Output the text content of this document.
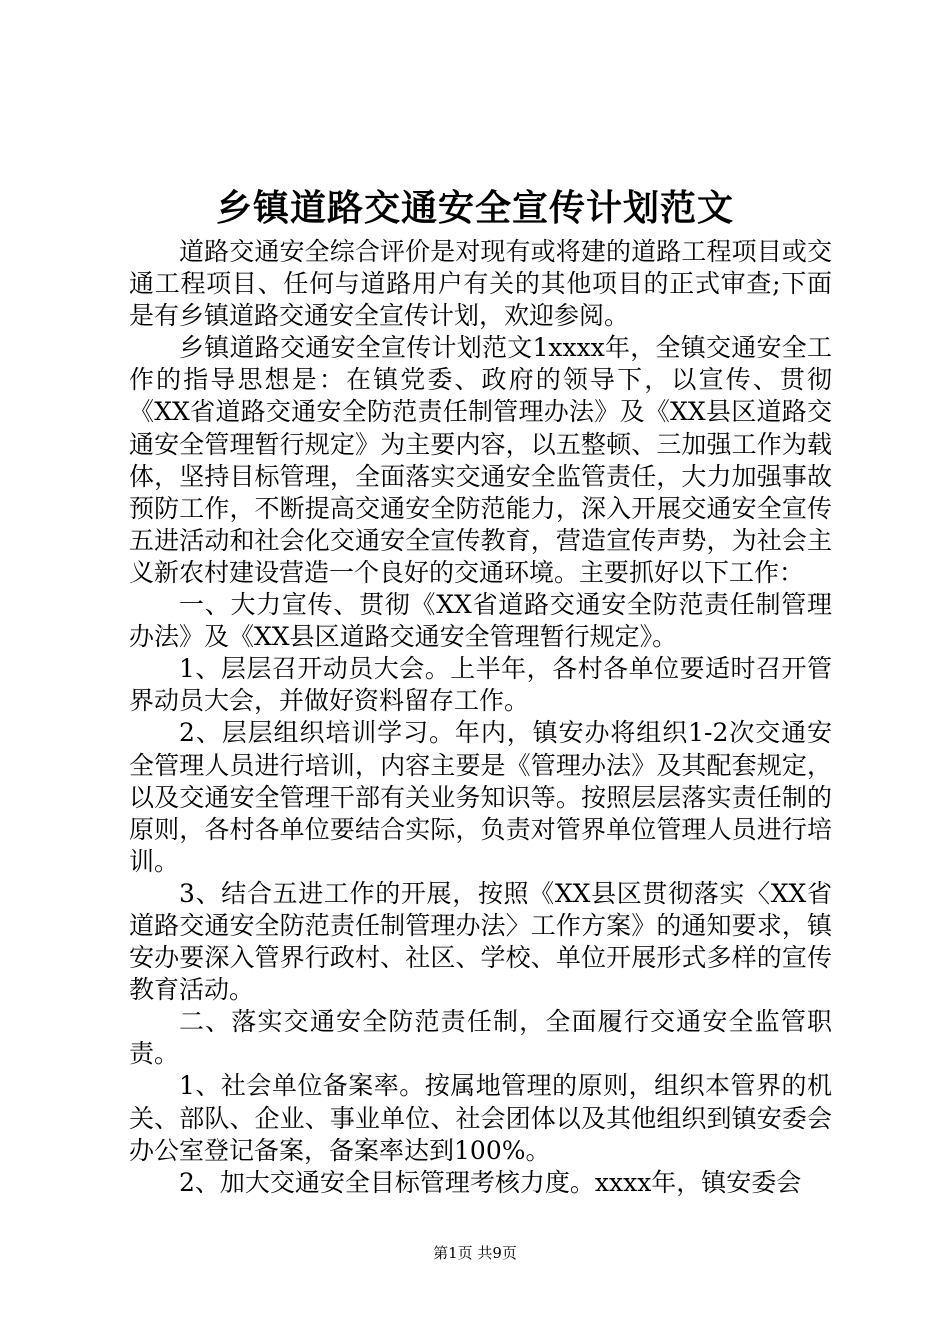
乡镇道路交通安全宣传计划范文

道路交通安全综合评价是对现有或将建的道路工程项目或交通工程项目、任何与道路用户有关的其他项目的正式审查;下面是有乡镇道路交通安全宣传计划，欢迎参阅。

乡镇道路交通安全宣传计划范文1xxxx年，全镇交通安全工作的指导思想是：在镇党委、政府的领导下，以宣传、贯彻《XX省道路交通安全防范责任制管理办法》及《XX县区道路交通安全管理暂行规定》为主要内容，以五整顿、三加强工作为载体，坚持目标管理，全面落实交通安全监管责任，大力加强事故预防工作，不断提高交通安全防范能力，深入开展交通安全宣传五进活动和社会化交通安全宣传教育，营造宣传声势，为社会主义新农村建设营造一个良好的交通环境。主要抓好以下工作：

一、大力宣传、贯彻《XX省道路交通安全防范责任制管理办法》及《XX县区道路交通安全管理暂行规定》。

1、层层召开动员大会。上半年，各村各单位要适时召开管界动员大会，并做好资料留存工作。

2、层层组织培训学习。年内，镇安办将组织1-2次交通安全管理人员进行培训，内容主要是《管理办法》及其配套规定，以及交通安全管理干部有关业务知识等。按照层层落实责任制的原则，各村各单位要结合实际，负责对管界单位管理人员进行培训。

3、结合五进工作的开展，按照《XX县区贯彻落实〈XX省道路交通安全防范责任制管理办法〉工作方案》的通知要求，镇安办要深入管界行政村、社区、学校、单位开展形式多样的宣传教育活动。

二、落实交通安全防范责任制，全面履行交通安全监管职责。

1、社会单位备案率。按属地管理的原则，组织本管界的机关、部队、企业、事业单位、社会团体以及其他组织到镇安委会办公室登记备案，备案率达到100%。

2、加大交通安全目标管理考核力度。xxxx年，镇安委会

第1页 共9页
